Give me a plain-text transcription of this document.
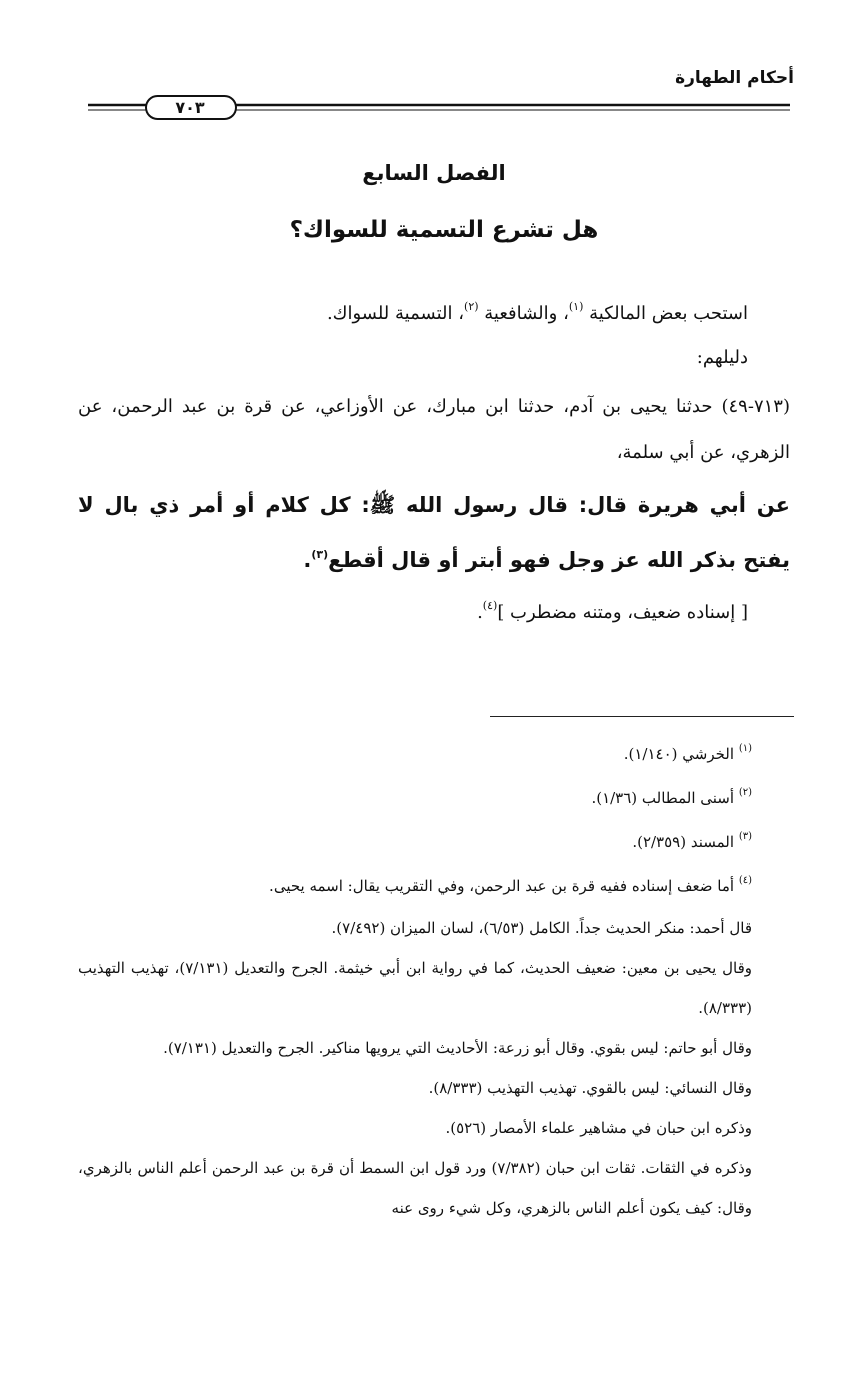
أحكام الطهارة
٧٠٣
الفصل السابع
هل تشرع التسمية للسواك؟

استحب بعض المالكية $^{(١)}$، والشافعية $^{(٢)}$، التسمية للسواك.

دليلهم:

(٧١٣-٤٩) حدثنا يحيى بن آدم، حدثنا ابن مبارك، عن الأوزاعي، عن قرة بن عبد الرحمن، عن الزهري، عن أبي سلمة،

عن أبي هريرة قال: قال رسول الله ﷺ: كل كلام أو أمر ذي بال لا يفتح بذكر الله عز وجل فهو أبتر أو قال أقطع$^{(٣)}$.

[ إسناده ضعيف، ومتنه مضطرب ]$^{(٤)}$.

$^{(١)}$ الخرشي (١/١٤٠).

$^{(٢)}$ أسنى المطالب (١/٣٦).

$^{(٣)}$ المسند (٢/٣٥٩).

$^{(٤)}$ أما ضعف إسناده ففيه قرة بن عبد الرحمن، وفي التقريب يقال: اسمه يحيى.

قال أحمد: منكر الحديث جداً. الكامل (٦/٥٣)، لسان الميزان (٧/٤٩٢).

وقال يحيى بن معين: ضعيف الحديث، كما في رواية ابن أبي خيثمة. الجرح والتعديل (٧/١٣١)، تهذيب التهذيب (٨/٣٣٣).

وقال أبو حاتم: ليس بقوي. وقال أبو زرعة: الأحاديث التي يرويها مناكير. الجرح والتعديل (٧/١٣١).

وقال النسائي: ليس بالقوي. تهذيب التهذيب (٨/٣٣٣).

وذكره ابن حبان في مشاهير علماء الأمصار (٥٢٦).

وذكره في الثقات. ثقات ابن حبان (٧/٣٨٢) ورد قول ابن السمط أن قرة بن عبد الرحمن أعلم الناس بالزهري، وقال: كيف يكون أعلم الناس بالزهري، وكل شيء روى عنه
